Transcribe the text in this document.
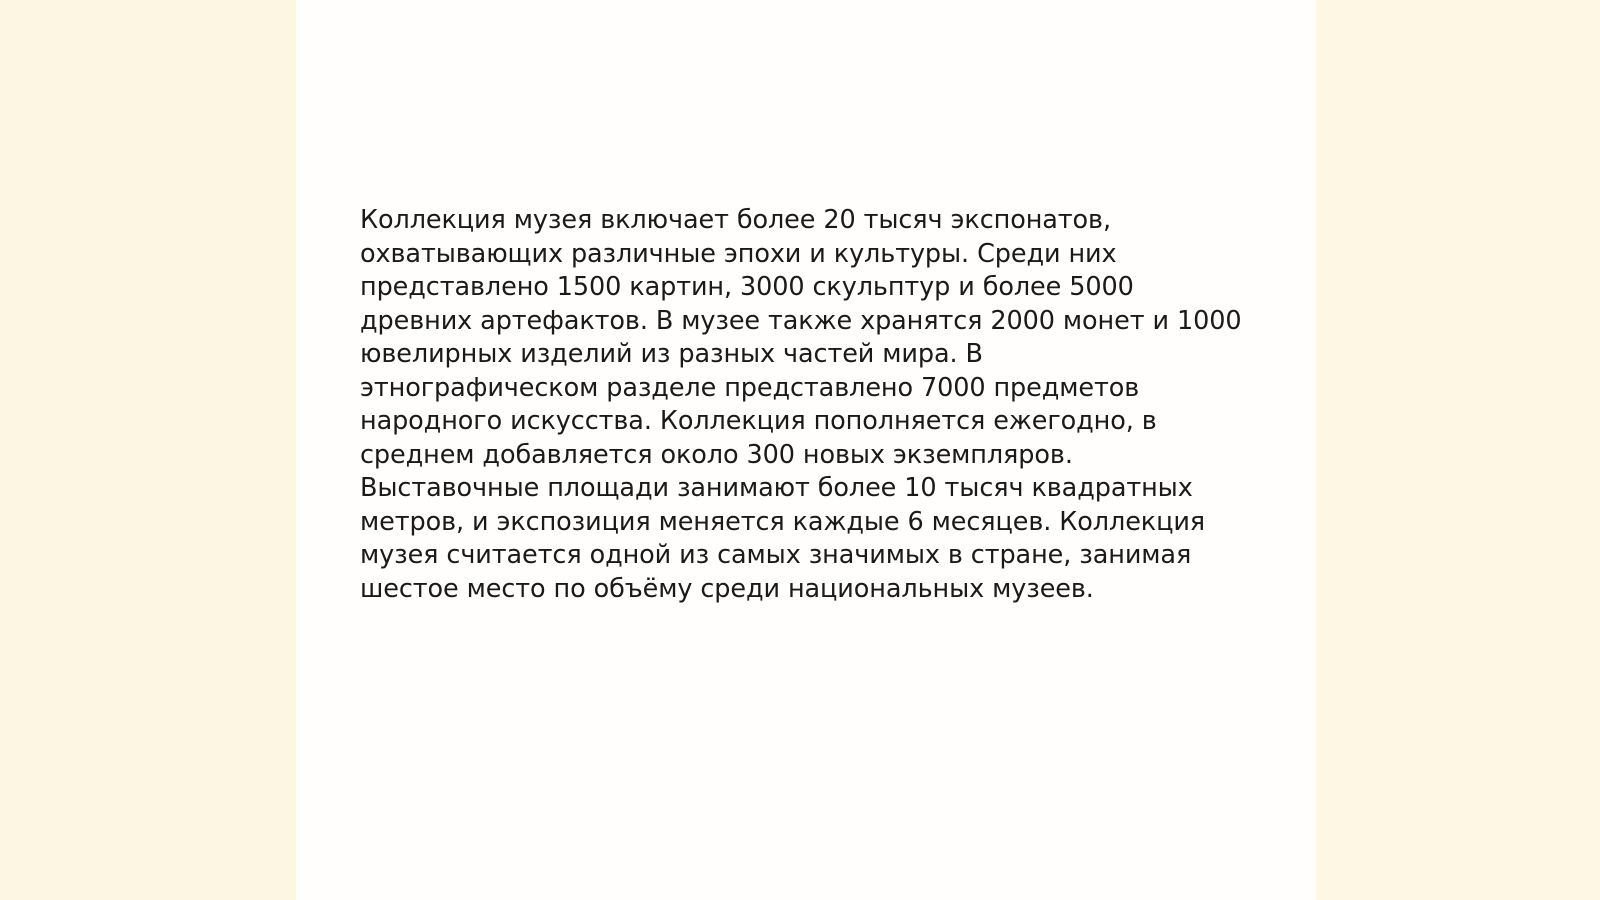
Коллекция музея включает более 20 тысяч экспонатов,
охватывающих различные эпохи и культуры. Среди них
представлено 1500 картин, 3000 скульптур и более 5000
древних артефактов. В музее также хранятся 2000 монет и 1000
ювелирных изделий из разных частей мира. В
этнографическом разделе представлено 7000 предметов
народного искусства. Коллекция пополняется ежегодно, в
среднем добавляется около 300 новых экземпляров.
Выставочные площади занимают более 10 тысяч квадратных
метров, и экспозиция меняется каждые 6 месяцев. Коллекция
музея считается одной из самых значимых в стране, занимая
шестое место по объёму среди национальных музеев.
